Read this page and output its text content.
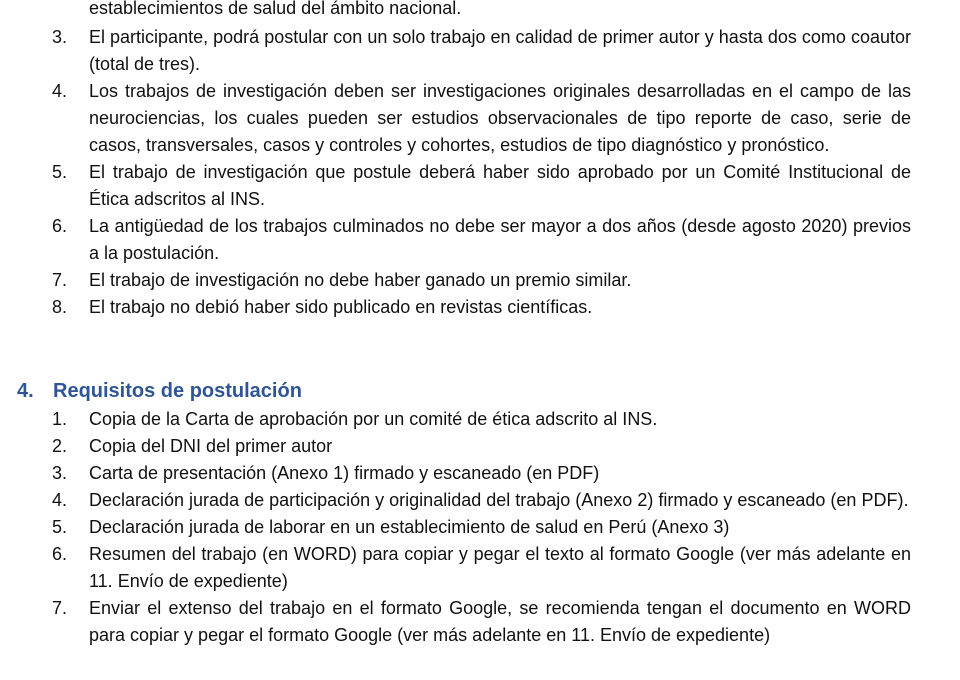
establecimientos de salud del ámbito nacional.
3. El participante, podrá postular con un solo trabajo en calidad de primer autor y hasta dos como coautor (total de tres).
4. Los trabajos de investigación deben ser investigaciones originales desarrolladas en el campo de las neurociencias, los cuales pueden ser estudios observacionales de tipo reporte de caso, serie de casos, transversales, casos y controles y cohortes, estudios de tipo diagnóstico y pronóstico.
5. El trabajo de investigación que postule deberá haber sido aprobado por un Comité Institucional de Ética adscritos al INS.
6. La antigüedad de los trabajos culminados no debe ser mayor a dos años (desde agosto 2020) previos a la postulación.
7. El trabajo de investigación no debe haber ganado un premio similar.
8. El trabajo no debió haber sido publicado en revistas científicas.
4. Requisitos de postulación
1. Copia de la Carta de aprobación por un comité de ética adscrito al INS.
2. Copia del DNI del primer autor
3. Carta de presentación (Anexo 1) firmado y escaneado (en PDF)
4. Declaración jurada de participación y originalidad del trabajo (Anexo 2) firmado y escaneado (en PDF).
5. Declaración jurada de laborar en un establecimiento de salud en Perú (Anexo 3)
6. Resumen del trabajo (en WORD) para copiar y pegar el texto al formato Google (ver más adelante en 11. Envío de expediente)
7. Enviar el extenso del trabajo en el formato Google, se recomienda tengan el documento en WORD para copiar y pegar el formato Google (ver más adelante en 11. Envío de expediente)
